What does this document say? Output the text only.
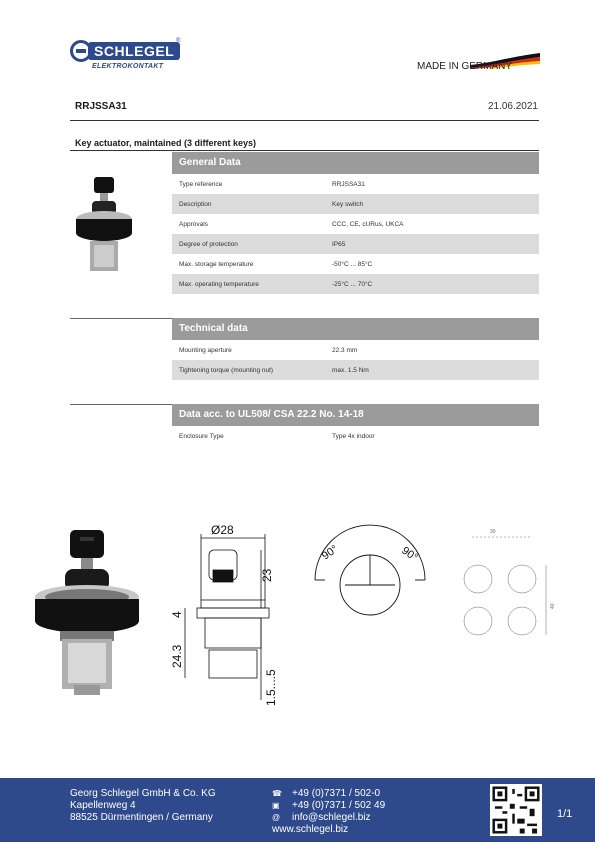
SCHLEGEL
®
ELEKTROKONTAKT	MADE IN GERMANY
RRJSSA31	21.06.2021
Key actuator, maintained (3 different keys)
General Data
Type reference	RRJSSA31
Description	Key switch
Approvals	CCC, CE, cURus, UKCA
Degree of protection	IP65
Max. storage temperature	-50°C ... 85°C
Max. operating temperature	-25°C ... 70°C
Technical data
Mounting aperture	22.3 mm
Tightening torque (mounting nut)	max. 1.5 Nm
Data acc. to UL508/ CSA 22.2 No. 14-18
Enclosure Type	Type 4x indoor
Ø28
23
4
24.3
1.5....5
90°	90°
30
40
Georg Schlegel GmbH & Co. KG
Kapellenweg 4
88525 Dürmentingen / Germany
☎ +49 (0)7371 / 502-0
▣ +49 (0)7371 / 502 49
@ info@schlegel.biz
www.schlegel.biz
1/1
